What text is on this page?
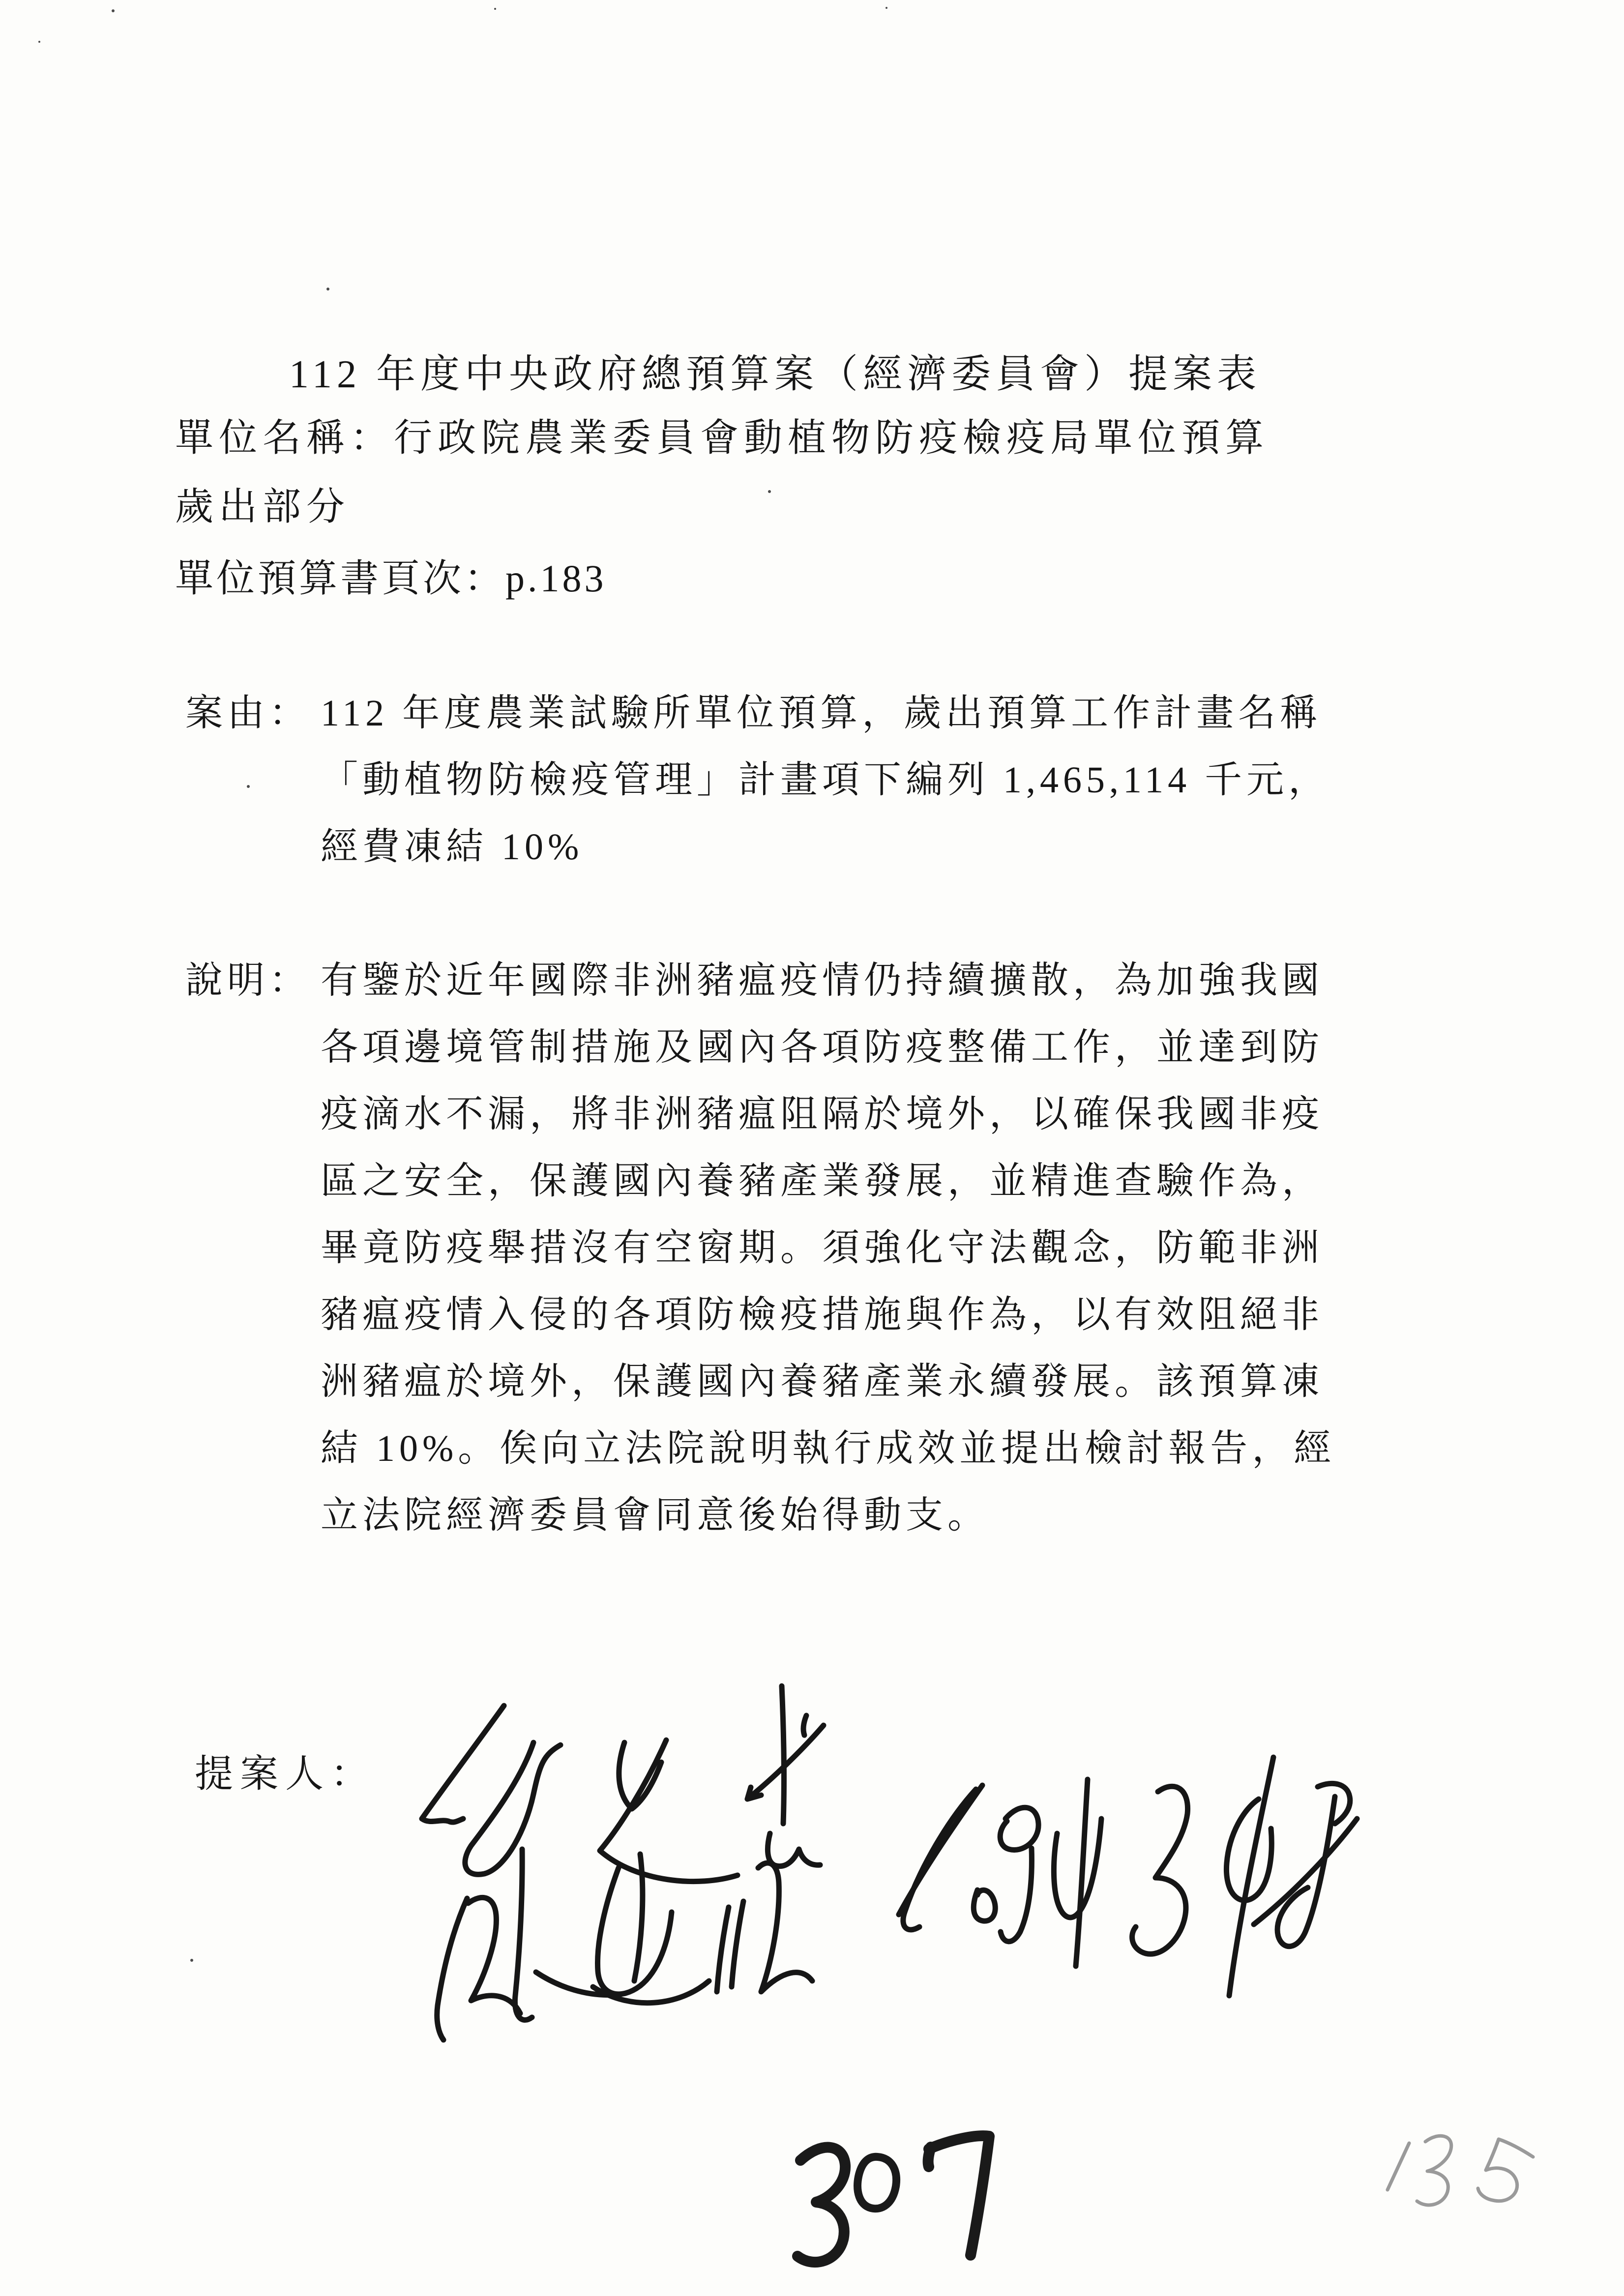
112 年度中央政府總預算案（經濟委員會）提案表
單位名稱：行政院農業委員會動植物防疫檢疫局單位預算
歲出部分
單位預算書頁次：p.183
案由： 112 年度農業試驗所單位預算，歲出預算工作計畫名稱
「動植物防檢疫管理」計畫項下編列 1,465,114 千元，
經費凍結 10%
說明： 有鑒於近年國際非洲豬瘟疫情仍持續擴散，為加強我國
各項邊境管制措施及國內各項防疫整備工作，並達到防
疫滴水不漏，將非洲豬瘟阻隔於境外，以確保我國非疫
區之安全，保護國內養豬產業發展，並精進查驗作為，
畢竟防疫舉措沒有空窗期。須強化守法觀念，防範非洲
豬瘟疫情入侵的各項防檢疫措施與作為，以有效阻絕非
洲豬瘟於境外，保護國內養豬產業永續發展。該預算凍
結 10%。俟向立法院說明執行成效並提出檢討報告，經
立法院經濟委員會同意後始得動支。
提案人：
